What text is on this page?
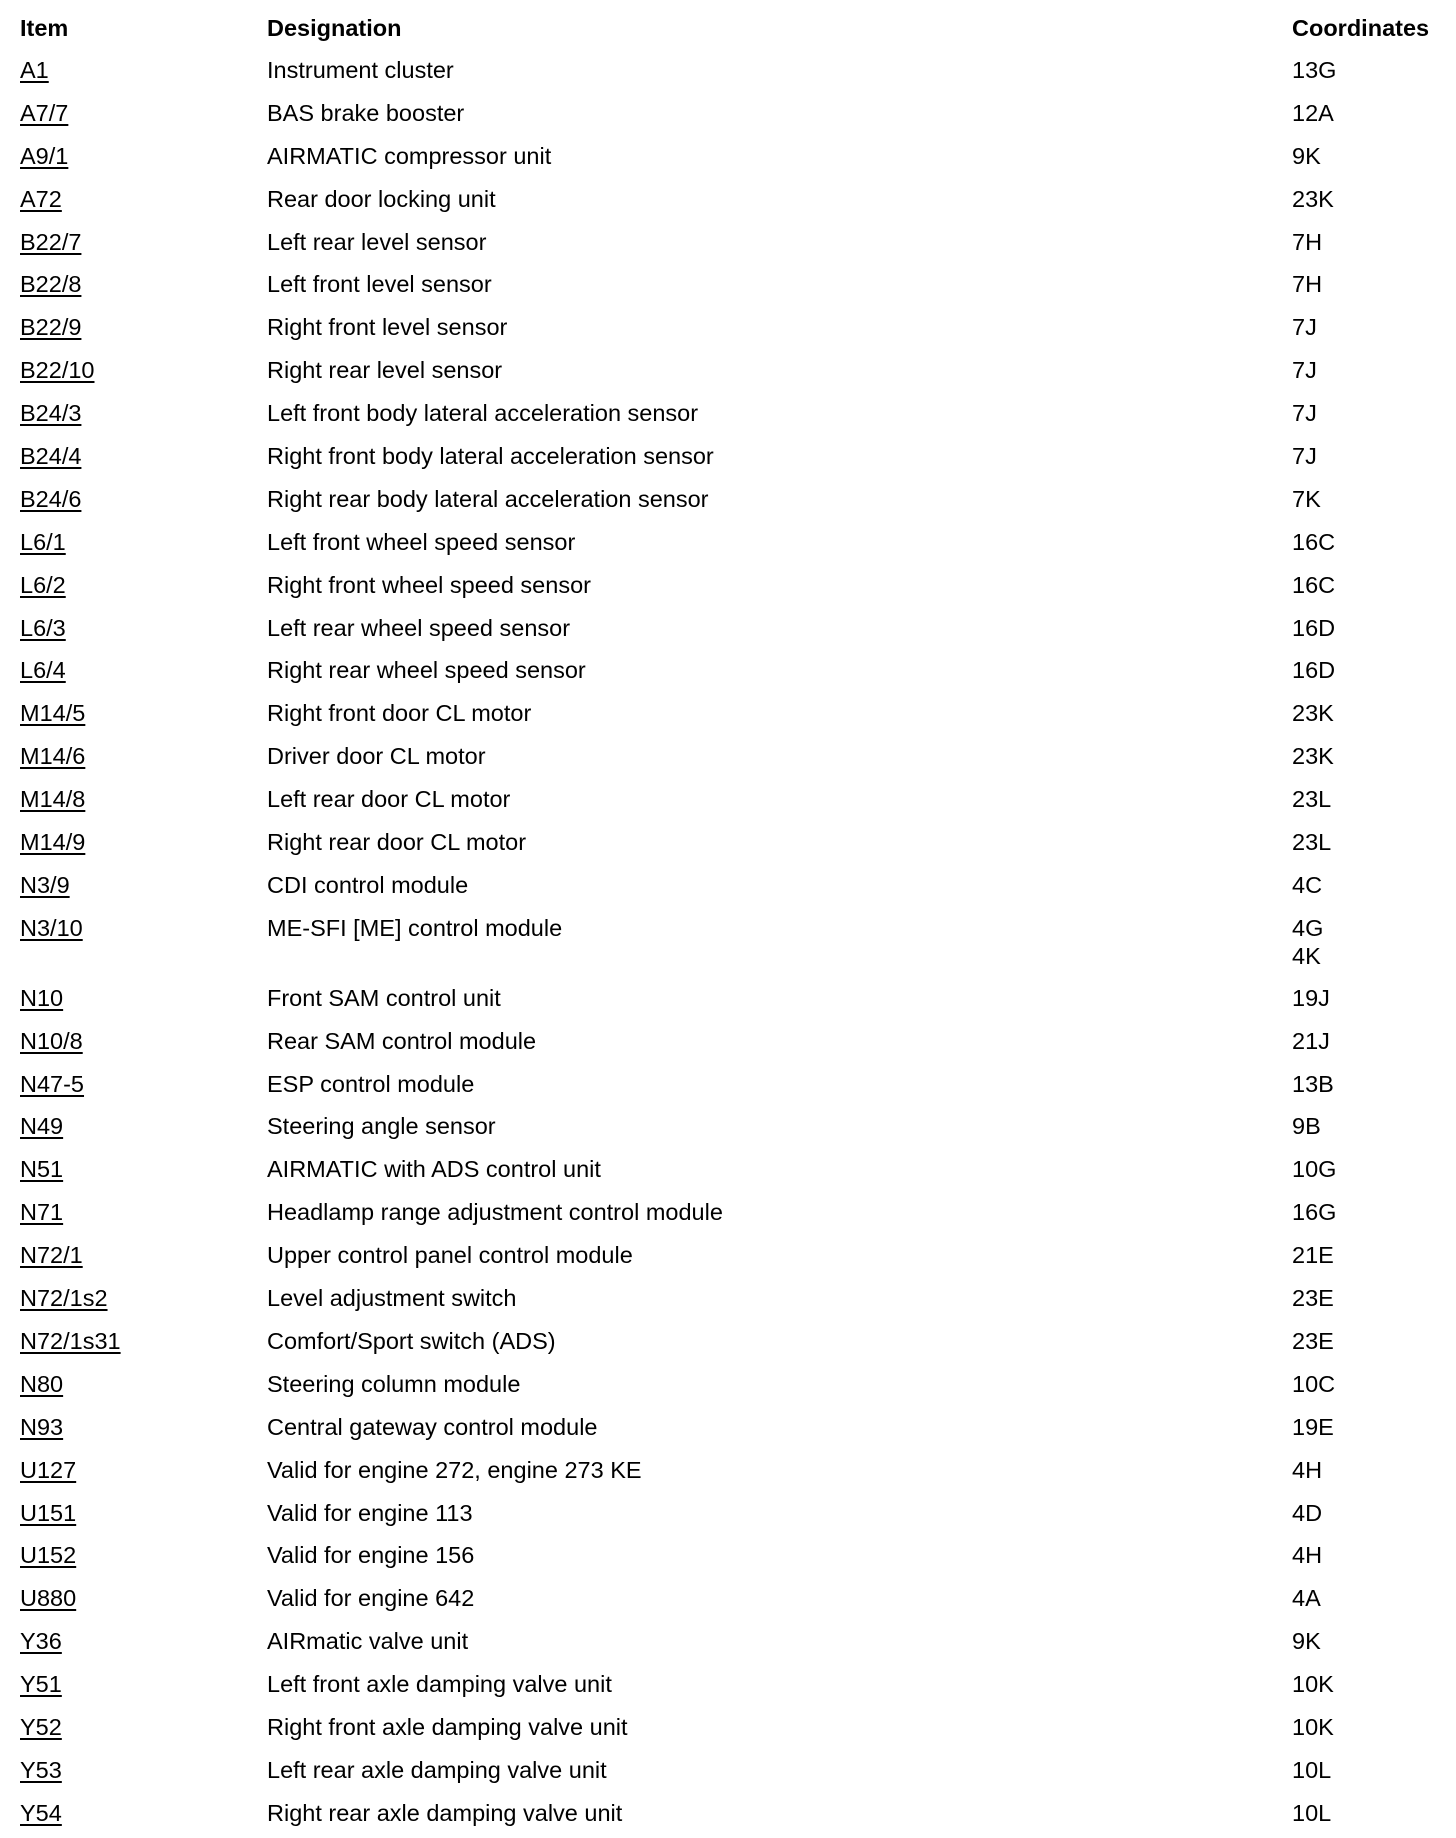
Item	Designation	Coordinates
A1	Instrument cluster	13G
A7/7	BAS brake booster	12A
A9/1	AIRMATIC compressor unit	9K
A72	Rear door locking unit	23K
B22/7	Left rear level sensor	7H
B22/8	Left front level sensor	7H
B22/9	Right front level sensor	7J
B22/10	Right rear level sensor	7J
B24/3	Left front body lateral acceleration sensor	7J
B24/4	Right front body lateral acceleration sensor	7J
B24/6	Right rear body lateral acceleration sensor	7K
L6/1	Left front wheel speed sensor	16C
L6/2	Right front wheel speed sensor	16C
L6/3	Left rear wheel speed sensor	16D
L6/4	Right rear wheel speed sensor	16D
M14/5	Right front door CL motor	23K
M14/6	Driver door CL motor	23K
M14/8	Left rear door CL motor	23L
M14/9	Right rear door CL motor	23L
N3/9	CDI control module	4C
N3/10	ME-SFI [ME] control module	4G
4K
N10	Front SAM control unit	19J
N10/8	Rear SAM control module	21J
N47-5	ESP control module	13B
N49	Steering angle sensor	9B
N51	AIRMATIC with ADS control unit	10G
N71	Headlamp range adjustment control module	16G
N72/1	Upper control panel control module	21E
N72/1s2	Level adjustment switch	23E
N72/1s31	Comfort/Sport switch (ADS)	23E
N80	Steering column module	10C
N93	Central gateway control module	19E
U127	Valid for engine 272, engine 273 KE	4H
U151	Valid for engine 113	4D
U152	Valid for engine 156	4H
U880	Valid for engine 642	4A
Y36	AIRmatic valve unit	9K
Y51	Left front axle damping valve unit	10K
Y52	Right front axle damping valve unit	10K
Y53	Left rear axle damping valve unit	10L
Y54	Right rear axle damping valve unit	10L
